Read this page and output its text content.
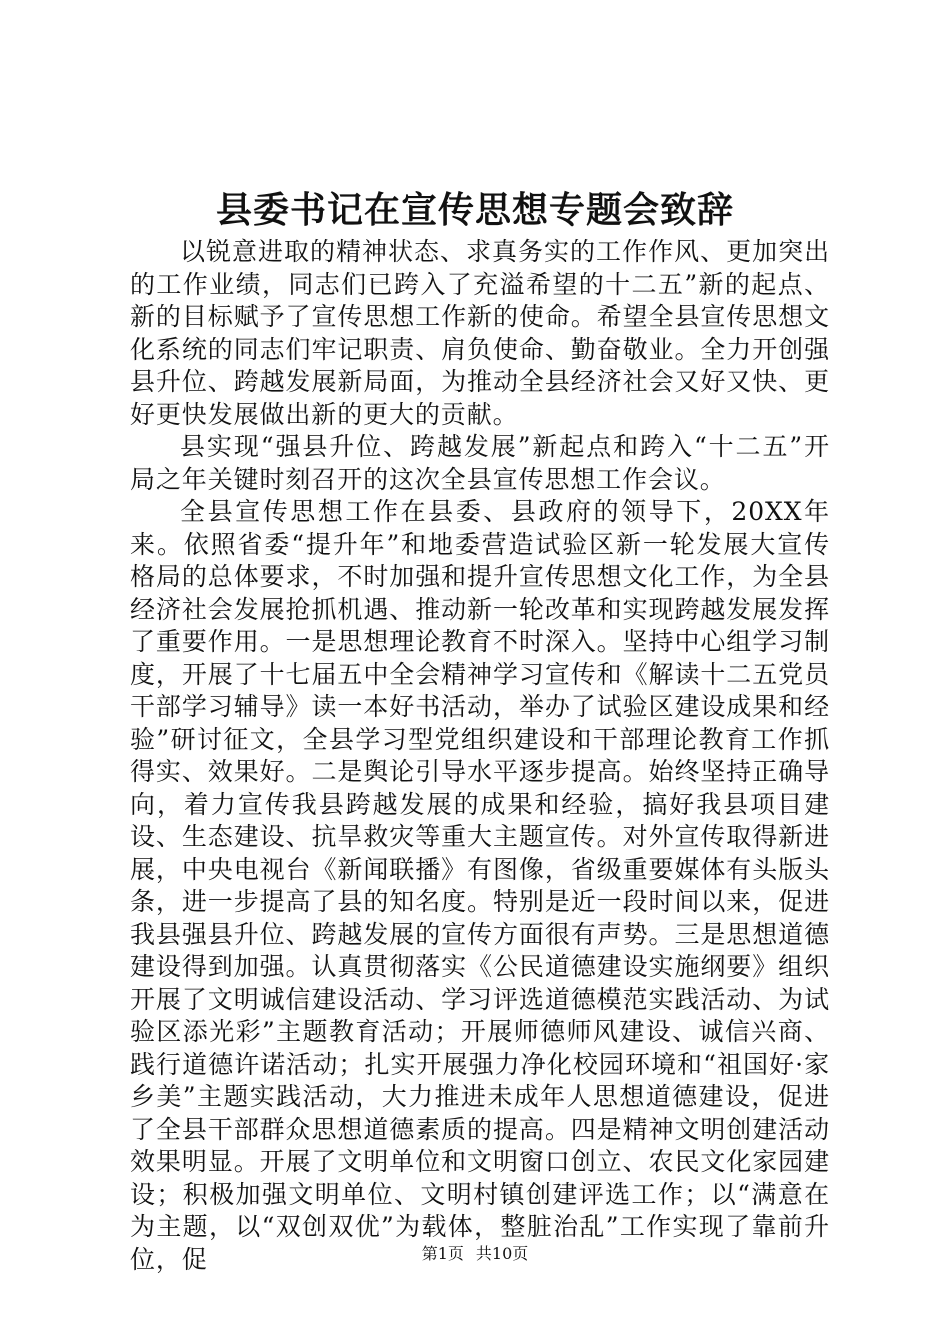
县委书记在宣传思想专题会致辞

以锐意进取的精神状态、求真务实的工作作风、更加突出的工作业绩，同志们已跨入了充溢希望的十二五”新的起点、新的目标赋予了宣传思想工作新的使命。希望全县宣传思想文化系统的同志们牢记职责、肩负使命、勤奋敬业。全力开创强县升位、跨越发展新局面，为推动全县经济社会又好又快、更好更快发展做出新的更大的贡献。

县实现“强县升位、跨越发展”新起点和跨入“十二五”开局之年关键时刻召开的这次全县宣传思想工作会议。

全县宣传思想工作在县委、县政府的领导下，20XX年来。依照省委“提升年”和地委营造试验区新一轮发展大宣传格局的总体要求，不时加强和提升宣传思想文化工作，为全县经济社会发展抢抓机遇、推动新一轮改革和实现跨越发展发挥了重要作用。一是思想理论教育不时深入。坚持中心组学习制度，开展了十七届五中全会精神学习宣传和《解读十二五党员干部学习辅导》读一本好书活动，举办了试验区建设成果和经验”研讨征文，全县学习型党组织建设和干部理论教育工作抓得实、效果好。二是舆论引导水平逐步提高。始终坚持正确导向，着力宣传我县跨越发展的成果和经验，搞好我县项目建设、生态建设、抗旱救灾等重大主题宣传。对外宣传取得新进展，中央电视台《新闻联播》有图像，省级重要媒体有头版头条，进一步提高了县的知名度。特别是近一段时间以来，促进我县强县升位、跨越发展的宣传方面很有声势。三是思想道德建设得到加强。认真贯彻落实《公民道德建设实施纲要》组织开展了文明诚信建设活动、学习评选道德模范实践活动、为试验区添光彩”主题教育活动；开展师德师风建设、诚信兴商、践行道德许诺活动；扎实开展强力净化校园环境和“祖国好·家乡美”主题实践活动，大力推进未成年人思想道德建设，促进了全县干部群众思想道德素质的提高。四是精神文明创建活动效果明显。开展了文明单位和文明窗口创立、农民文化家园建设；积极加强文明单位、文明村镇创建评选工作；以“满意在为主题，以“双创双优”为载体，整脏治乱”工作实现了靠前升位，促	第1页 共10页
